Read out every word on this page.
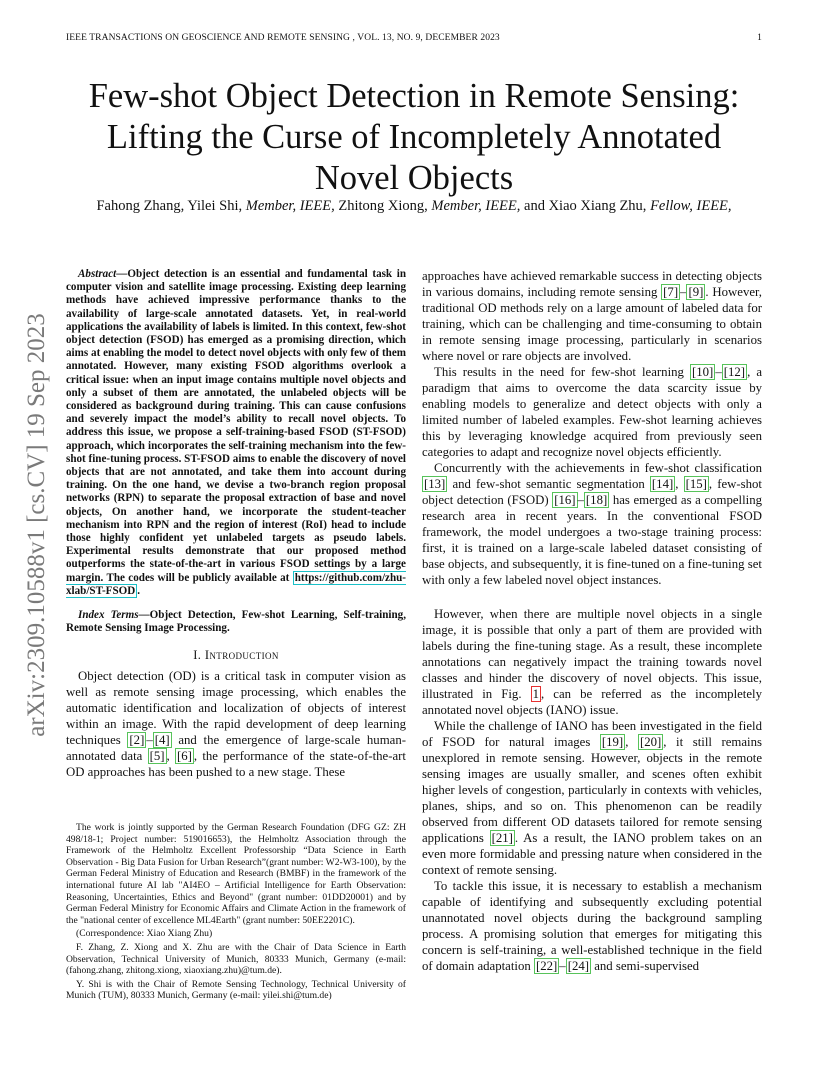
IEEE TRANSACTIONS ON GEOSCIENCE AND REMOTE SENSING , VOL. 13, NO. 9, DECEMBER 2023	1
arXiv:2309.10588v1 [cs.CV] 19 Sep 2023
Few-shot Object Detection in Remote Sensing: Lifting the Curse of Incompletely Annotated Novel Objects
Fahong Zhang, Yilei Shi, Member, IEEE, Zhitong Xiong, Member, IEEE, and Xiao Xiang Zhu, Fellow, IEEE,

Abstract—Object detection is an essential and fundamental task in computer vision and satellite image processing. Existing deep learning methods have achieved impressive performance thanks to the availability of large-scale annotated datasets. Yet, in real-world applications the availability of labels is limited. In this context, few-shot object detection (FSOD) has emerged as a promising direction, which aims at enabling the model to detect novel objects with only few of them annotated. However, many existing FSOD algorithms overlook a critical issue: when an input image contains multiple novel objects and only a subset of them are annotated, the unlabeled objects will be considered as background during training. This can cause confusions and severely impact the model’s ability to recall novel objects. To address this issue, we propose a self-training-based FSOD (ST-FSOD) approach, which incorporates the self-training mechanism into the few-shot fine-tuning process. ST-FSOD aims to enable the discovery of novel objects that are not annotated, and take them into account during training. On the one hand, we devise a two-branch region proposal networks (RPN) to separate the proposal extraction of base and novel objects, On another hand, we incorporate the student-teacher mechanism into RPN and the region of interest (RoI) head to include those highly confident yet unlabeled targets as pseudo labels. Experimental results demonstrate that our proposed method outperforms the state-of-the-art in various FSOD settings by a large margin. The codes will be publicly available at https://github.com/zhu-xlab/ST-FSOD .

Index Terms—Object Detection, Few-shot Learning, Self-training, Remote Sensing Image Processing.

I. Introduction

Object detection (OD) is a critical task in computer vision as well as remote sensing image processing, which enables the automatic identification and localization of objects of interest within an image. With the rapid development of deep learning techniques [2] – [4] and the emergence of large-scale human-annotated data [5] , [6] , the performance of the state-of-the-art OD approaches has been pushed to a new stage. These

The work is jointly supported by the German Research Foundation (DFG GZ: ZH 498/18-1; Project number: 519016653), the Helmholtz Association through the Framework of the Helmholtz Excellent Professorship “Data Science in Earth Observation - Big Data Fusion for Urban Research”(grant number: W2-W3-100), by the German Federal Ministry of Education and Research (BMBF) in the framework of the international future AI lab "AI4EO – Artificial Intelligence for Earth Observation: Reasoning, Uncertainties, Ethics and Beyond" (grant number: 01DD20001) and by German Federal Ministry for Economic Affairs and Climate Action in the framework of the "national center of excellence ML4Earth" (grant number: 50EE2201C).

(Correspondence: Xiao Xiang Zhu)

F. Zhang, Z. Xiong and X. Zhu are with the Chair of Data Science in Earth Observation, Technical University of Munich, 80333 Munich, Germany (e-mail: (fahong.zhang, zhitong.xiong, xiaoxiang.zhu)@tum.de).

Y. Shi is with the Chair of Remote Sensing Technology, Technical University of Munich (TUM), 80333 Munich, Germany (e-mail: yilei.shi@tum.de)

approaches have achieved remarkable success in detecting objects in various domains, including remote sensing [7] – [9] . However, traditional OD methods rely on a large amount of labeled data for training, which can be challenging and time-consuming to obtain in remote sensing image processing, particularly in scenarios where novel or rare objects are involved.

This results in the need for few-shot learning [10] – [12] , a paradigm that aims to overcome the data scarcity issue by enabling models to generalize and detect objects with only a limited number of labeled examples. Few-shot learning achieves this by leveraging knowledge acquired from previously seen categories to adapt and recognize novel objects efficiently.

Concurrently with the achievements in few-shot classification [13] and few-shot semantic segmentation [14] , [15] , few-shot object detection (FSOD) [16] – [18] has emerged as a compelling research area in recent years. In the conventional FSOD framework, the model undergoes a two-stage training process: first, it is trained on a large-scale labeled dataset consisting of base objects, and subsequently, it is fine-tuned on a fine-tuning set with only a few labeled novel object instances.

However, when there are multiple novel objects in a single image, it is possible that only a part of them are provided with labels during the fine-tuning stage. As a result, these incomplete annotations can negatively impact the training towards novel classes and hinder the discovery of novel objects. This issue, illustrated in Fig. 1 , can be referred as the incompletely annotated novel objects (IANO) issue.

While the challenge of IANO has been investigated in the field of FSOD for natural images [19] , [20] , it still remains unexplored in remote sensing. However, objects in the remote sensing images are usually smaller, and scenes often exhibit higher levels of congestion, particularly in contexts with vehicles, planes, ships, and so on. This phenomenon can be readily observed from different OD datasets tailored for remote sensing applications [21] . As a result, the IANO problem takes on an even more formidable and pressing nature when considered in the context of remote sensing.

To tackle this issue, it is necessary to establish a mechanism capable of identifying and subsequently excluding potential unannotated novel objects during the background sampling process. A promising solution that emerges for mitigating this concern is self-training, a well-established technique in the field of domain adaptation [22] – [24] and semi-supervised
